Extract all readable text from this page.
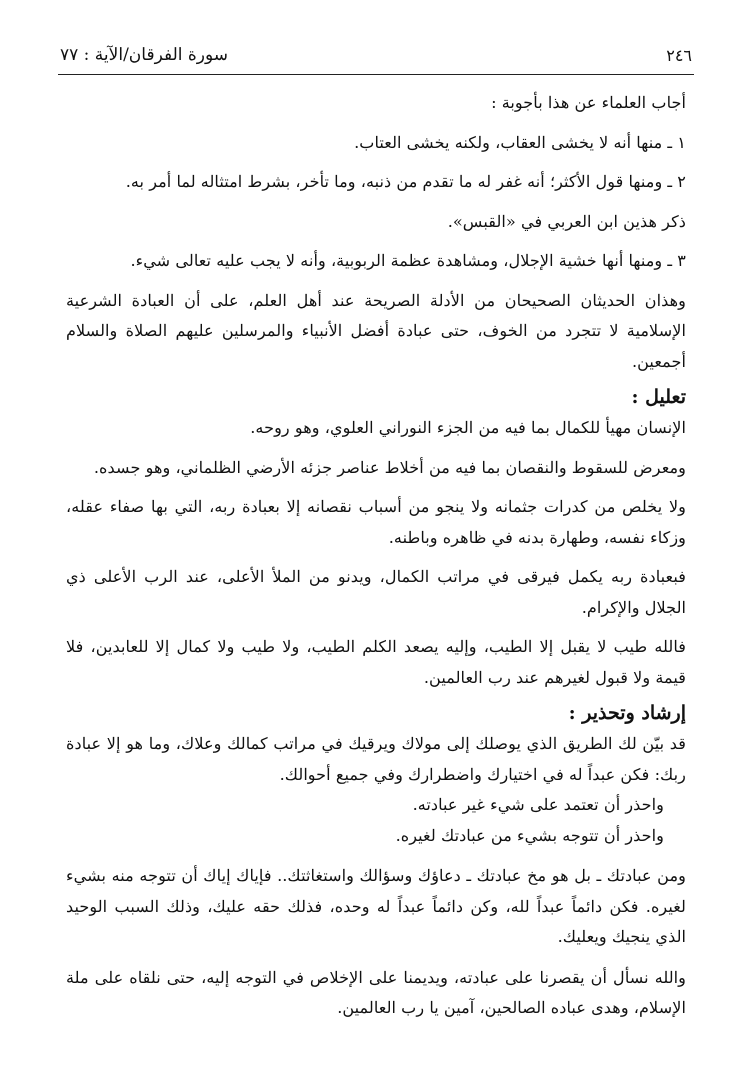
سورة الفرقان/الآية : ٧٧	٢٤٦

أجاب العلماء عن هذا بأجوبة :

١ ـ منها أنه لا يخشى العقاب، ولكنه يخشى العتاب.

٢ ـ ومنها قول الأكثر؛ أنه غفر له ما تقدم من ذنبه، وما تأخر، بشرط امتثاله لما أمر به.

ذكر هذين ابن العربي في «القبس».

٣ ـ ومنها أنها خشية الإجلال، ومشاهدة عظمة الربوبية، وأنه لا يجب عليه تعالى شيء.

وهذان الحديثان الصحيحان من الأدلة الصريحة عند أهل العلم، على أن العبادة الشرعية الإسلامية لا تتجرد من الخوف، حتى عبادة أفضل الأنبياء والمرسلين عليهم الصلاة والسلام أجمعين.

تعليل :

الإنسان مهيأ للكمال بما فيه من الجزء النوراني العلوي، وهو روحه.

ومعرض للسقوط والنقصان بما فيه من أخلاط عناصر جزئه الأرضي الظلماني، وهو جسده.

ولا يخلص من كدرات جثمانه ولا ينجو من أسباب نقصانه إلا بعبادة ربه، التي بها صفاء عقله، وزكاء نفسه، وطهارة بدنه في ظاهره وباطنه.

فبعبادة ربه يكمل فيرقى في مراتب الكمال، ويدنو من الملأ الأعلى، عند الرب الأعلى ذي الجلال والإكرام.

فالله طيب لا يقبل إلا الطيب، وإليه يصعد الكلم الطيب، ولا طيب ولا كمال إلا للعابدين، فلا قيمة ولا قبول لغيرهم عند رب العالمين.

إرشاد وتحذير :

قد بيّن لك الطريق الذي يوصلك إلى مولاك ويرقيك في مراتب كمالك وعلاك، وما هو إلا عبادة ربك: فكن عبداً له في اختيارك واضطرارك وفي جميع أحوالك.

واحذر أن تعتمد على شيء غير عبادته.

واحذر أن تتوجه بشيء من عبادتك لغيره.

ومن عبادتك ـ بل هو مخ عبادتك ـ دعاؤك وسؤالك واستغاثتك.. فإياك إياك أن تتوجه منه بشيء لغيره. فكن دائماً عبداً لله، وكن دائماً عبداً له وحده، فذلك حقه عليك، وذلك السبب الوحيد الذي ينجيك ويعليك.

والله نسأل أن يقصرنا على عبادته، ويديمنا على الإخلاص في التوجه إليه، حتى نلقاه على ملة الإسلام، وهدى عباده الصالحين، آمين يا رب العالمين.
